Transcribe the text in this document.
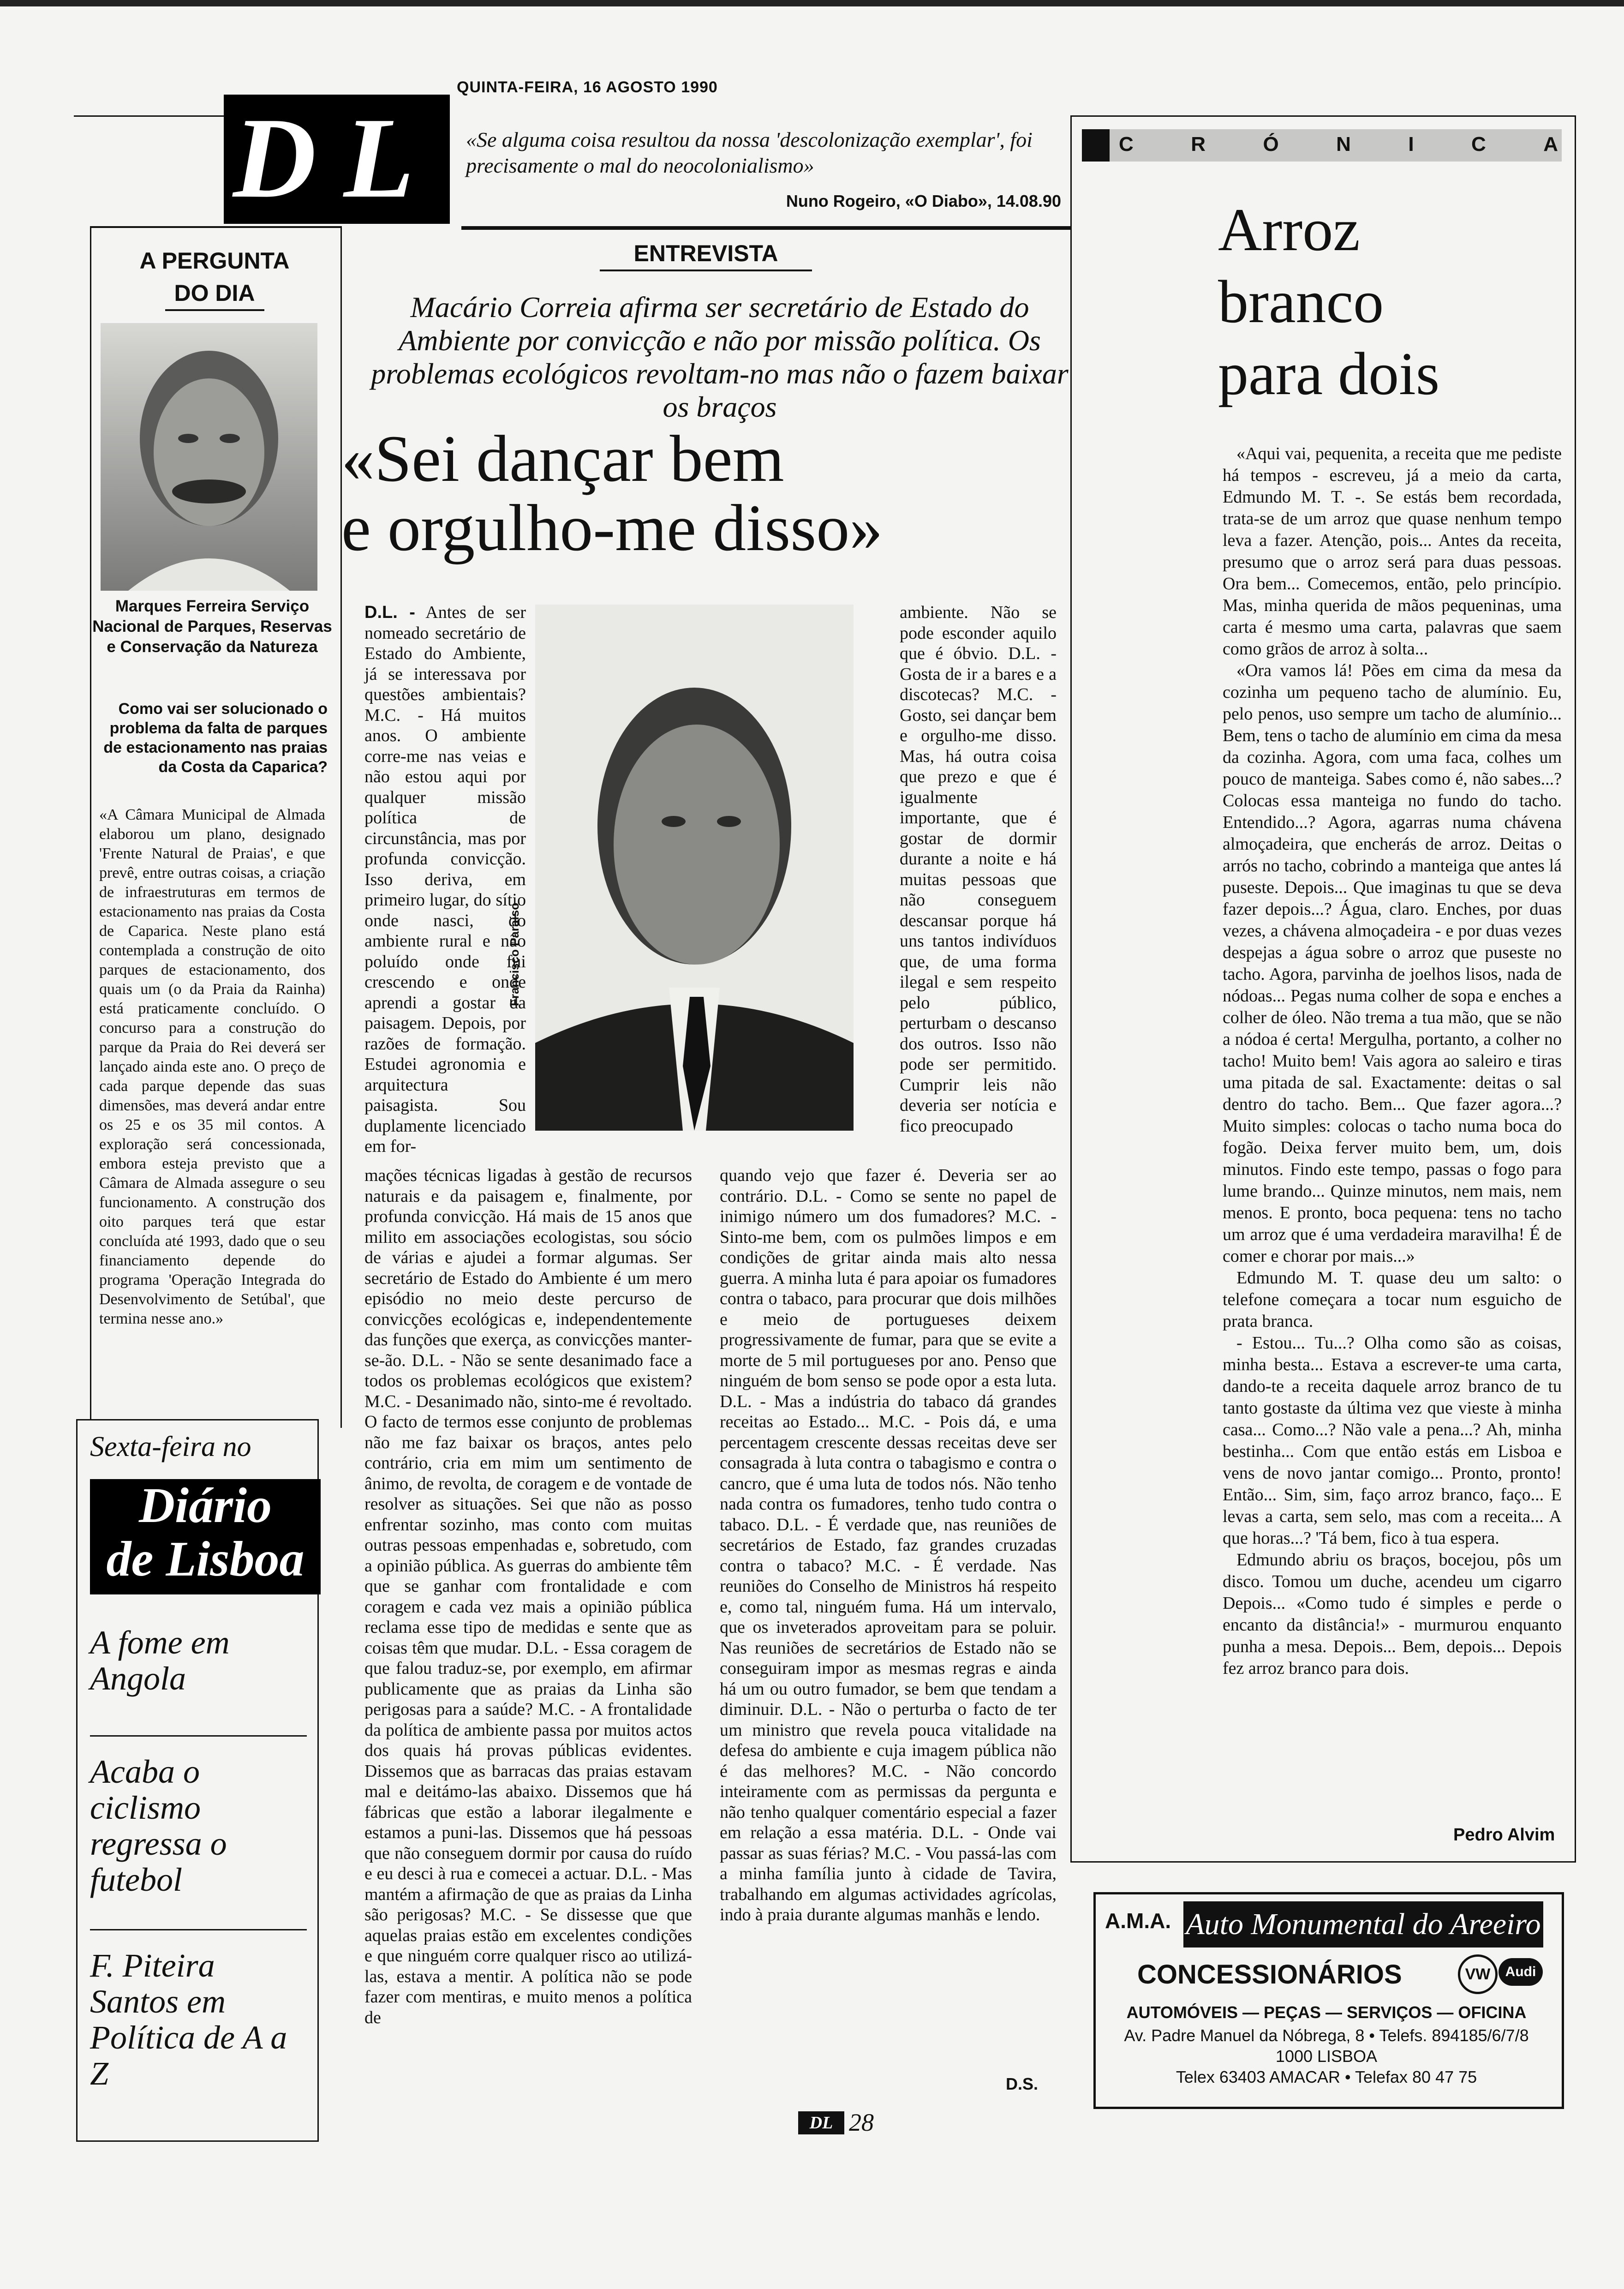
QUINTA-FEIRA, 16 AGOSTO 1990
D L «Se alguma coisa resultou da nossa 'descolonização exemplar', foi precisamente o mal do neocolonialismo»
Nuno Rogeiro, «O Diabo», 14.08.90
A PERGUNTA
DO DIA
Marques Ferreira Serviço Nacional de Parques, Reservas e Conservação da Natureza
Como vai ser solucionado o problema da falta de parques de estacionamento nas praias da Costa da Caparica?
«A Câmara Municipal de Almada elaborou um plano, designado 'Frente Natural de Praias', e que prevê, entre outras coisas, a criação de infraestruturas em termos de estacionamento nas praias da Costa de Caparica. Neste plano está contemplada a construção de oito parques de estacionamento, dos quais um (o da Praia da Rainha) está praticamente concluído. O concurso para a construção do parque da Praia do Rei deverá ser lançado ainda este ano. O preço de cada parque depende das suas dimensões, mas deverá andar entre os 25 e os 35 mil contos. A exploração será concessionada, embora esteja previsto que a Câmara de Almada assegure o seu funcionamento. A construção dos oito parques terá que estar concluída até 1993, dado que o seu financiamento depende do programa 'Operação Integrada do Desenvolvimento de Setúbal', que termina nesse ano.»
Sexta-feira no
Diário
de Lisboa
A fome em Angola
Acaba o ciclismo regressa o futebol
F. Piteira Santos em Política de A a Z
ENTREVISTA
Macário Correia afirma ser secretário de Estado do Ambiente por convicção e não por missão política. Os problemas ecológicos revoltam-no mas não o fazem baixar os braços
«Sei dançar bem
e orgulho-me disso»
Francisco Paraíso
D.L. - Antes de ser nomeado secretário de Estado do Ambiente, já se interessava por questões ambientais? M.C. - Há muitos anos. O ambiente corre-me nas veias e não estou aqui por qualquer missão política de circunstância, mas por profunda convicção. Isso deriva, em primeiro lugar, do sítio onde nasci, do ambiente rural e não poluído onde fui crescendo e onde aprendi a gostar da paisagem. Depois, por razões de formação. Estudei agronomia e arquitectura paisagista. Sou duplamente licenciado em for-
ambiente. Não se pode esconder aquilo que é óbvio. D.L. - Gosta de ir a bares e a discotecas? M.C. - Gosto, sei dançar bem e orgulho-me disso. Mas, há outra coisa que prezo e que é igualmente importante, que é gostar de dormir durante a noite e há muitas pessoas que não conseguem descansar porque há uns tantos indivíduos que, de uma forma ilegal e sem respeito pelo público, perturbam o descanso dos outros. Isso não pode ser permitido. Cumprir leis não deveria ser notícia e fico preocupado
mações técnicas ligadas à gestão de recursos naturais e da paisagem e, finalmente, por profunda convicção. Há mais de 15 anos que milito em associações ecologistas, sou sócio de várias e ajudei a formar algumas. Ser secretário de Estado do Ambiente é um mero episódio no meio deste percurso de convicções ecológicas e, independentemente das funções que exerça, as convicções manter-se-ão. D.L. - Não se sente desanimado face a todos os problemas ecológicos que existem? M.C. - Desanimado não, sinto-me é revoltado. O facto de termos esse conjunto de problemas não me faz baixar os braços, antes pelo contrário, cria em mim um sentimento de ânimo, de revolta, de coragem e de vontade de resolver as situações. Sei que não as posso enfrentar sozinho, mas conto com muitas outras pessoas empenhadas e, sobretudo, com a opinião pública. As guerras do ambiente têm que se ganhar com frontalidade e com coragem e cada vez mais a opinião pública reclama esse tipo de medidas e sente que as coisas têm que mudar. D.L. - Essa coragem de que falou traduz-se, por exemplo, em afirmar publicamente que as praias da Linha são perigosas para a saúde? M.C. - A frontalidade da política de ambiente passa por muitos actos dos quais há provas públicas evidentes. Dissemos que as barracas das praias estavam mal e deitámo-las abaixo. Dissemos que há fábricas que estão a laborar ilegalmente e estamos a puni-las. Dissemos que há pessoas que não conseguem dormir por causa do ruído e eu desci à rua e comecei a actuar. D.L. - Mas mantém a afirmação de que as praias da Linha são perigosas? M.C. - Se dissesse que que aquelas praias estão em excelentes condições e que ninguém corre qualquer risco ao utilizá-las, estava a mentir. A política não se pode fazer com mentiras, e muito menos a política de
quando vejo que fazer é. Deveria ser ao contrário. D.L. - Como se sente no papel de inimigo número um dos fumadores? M.C. - Sinto-me bem, com os pulmões limpos e em condições de gritar ainda mais alto nessa guerra. A minha luta é para apoiar os fumadores contra o tabaco, para procurar que dois milhões e meio de portugueses deixem progressivamente de fumar, para que se evite a morte de 5 mil portugueses por ano. Penso que ninguém de bom senso se pode opor a esta luta. D.L. - Mas a indústria do tabaco dá grandes receitas ao Estado... M.C. - Pois dá, e uma percentagem crescente dessas receitas deve ser consagrada à luta contra o tabagismo e contra o cancro, que é uma luta de todos nós. Não tenho nada contra os fumadores, tenho tudo contra o tabaco. D.L. - É verdade que, nas reuniões de secretários de Estado, faz grandes cruzadas contra o tabaco? M.C. - É verdade. Nas reuniões do Conselho de Ministros há respeito e, como tal, ninguém fuma. Há um intervalo, que os inveterados aproveitam para se poluir. Nas reuniões de secretários de Estado não se conseguiram impor as mesmas regras e ainda há um ou outro fumador, se bem que tendam a diminuir. D.L. - Não o perturba o facto de ter um ministro que revela pouca vitalidade na defesa do ambiente e cuja imagem pública não é das melhores? M.C. - Não concordo inteiramente com as permissas da pergunta e não tenho qualquer comentário especial a fazer em relação a essa matéria. D.L. - Onde vai passar as suas férias? M.C. - Vou passá-las com a minha família junto à cidade de Tavira, trabalhando em algumas actividades agrícolas, indo à praia durante algumas manhãs e lendo.
D.S.
C	R	Ó	N	I	C	A
Arroz
branco
para dois

«Aqui vai, pequenita, a receita que me pediste há tempos - escreveu, já a meio da carta, Edmundo M. T. -. Se estás bem recordada, trata-se de um arroz que quase nenhum tempo leva a fazer. Atenção, pois... Antes da receita, presumo que o arroz será para duas pessoas. Ora bem... Comecemos, então, pelo princípio. Mas, minha querida de mãos pequeninas, uma carta é mesmo uma carta, palavras que saem como grãos de arroz à solta...

«Ora vamos lá! Pões em cima da mesa da cozinha um pequeno tacho de alumínio. Eu, pelo penos, uso sempre um tacho de alumínio... Bem, tens o tacho de alumínio em cima da mesa da cozinha. Agora, com uma faca, colhes um pouco de manteiga. Sabes como é, não sabes...? Colocas essa manteiga no fundo do tacho. Entendido...? Agora, agarras numa chávena almoçadeira, que encherás de arroz. Deitas o arrós no tacho, cobrindo a manteiga que antes lá puseste. Depois... Que imaginas tu que se deva fazer depois...? Água, claro. Enches, por duas vezes, a chávena almoçadeira - e por duas vezes despejas a água sobre o arroz que puseste no tacho. Agora, parvinha de joelhos lisos, nada de nódoas... Pegas numa colher de sopa e enches a colher de óleo. Não trema a tua mão, que se não a nódoa é certa! Mergulha, portanto, a colher no tacho! Muito bem! Vais agora ao saleiro e tiras uma pitada de sal. Exactamente: deitas o sal dentro do tacho. Bem... Que fazer agora...? Muito simples: colocas o tacho numa boca do fogão. Deixa ferver muito bem, um, dois minutos. Findo este tempo, passas o fogo para lume brando... Quinze minutos, nem mais, nem menos. E pronto, boca pequena: tens no tacho um arroz que é uma verdadeira maravilha! É de comer e chorar por mais...»

Edmundo M. T. quase deu um salto: o telefone começara a tocar num esguicho de prata branca.

- Estou... Tu...? Olha como são as coisas, minha besta... Estava a escrever-te uma carta, dando-te a receita daquele arroz branco de tu tanto gostaste da última vez que vieste à minha casa... Como...? Não vale a pena...? Ah, minha bestinha... Com que então estás em Lisboa e vens de novo jantar comigo... Pronto, pronto! Então... Sim, sim, faço arroz branco, faço... E levas a carta, sem selo, mas com a receita... A que horas...? 'Tá bem, fico à tua espera.

Edmundo abriu os braços, bocejou, pôs um disco. Tomou um duche, acendeu um cigarro Depois... «Como tudo é simples e perde o encanto da distância!» - murmurou enquanto punha a mesa. Depois... Bem, depois... Depois fez arroz branco para dois.

Pedro Alvim
A.M.A. Auto Monumental do Areeiro
CONCESSIONÁRIOS	VW	Audi
AUTOMÓVEIS — PEÇAS — SERVIÇOS — OFICINA
Av. Padre Manuel da Nóbrega, 8 • Telefs. 894185/6/7/8
1000 LISBOA
Telex 63403 AMACAR • Telefax 80 47 75
DL 28
